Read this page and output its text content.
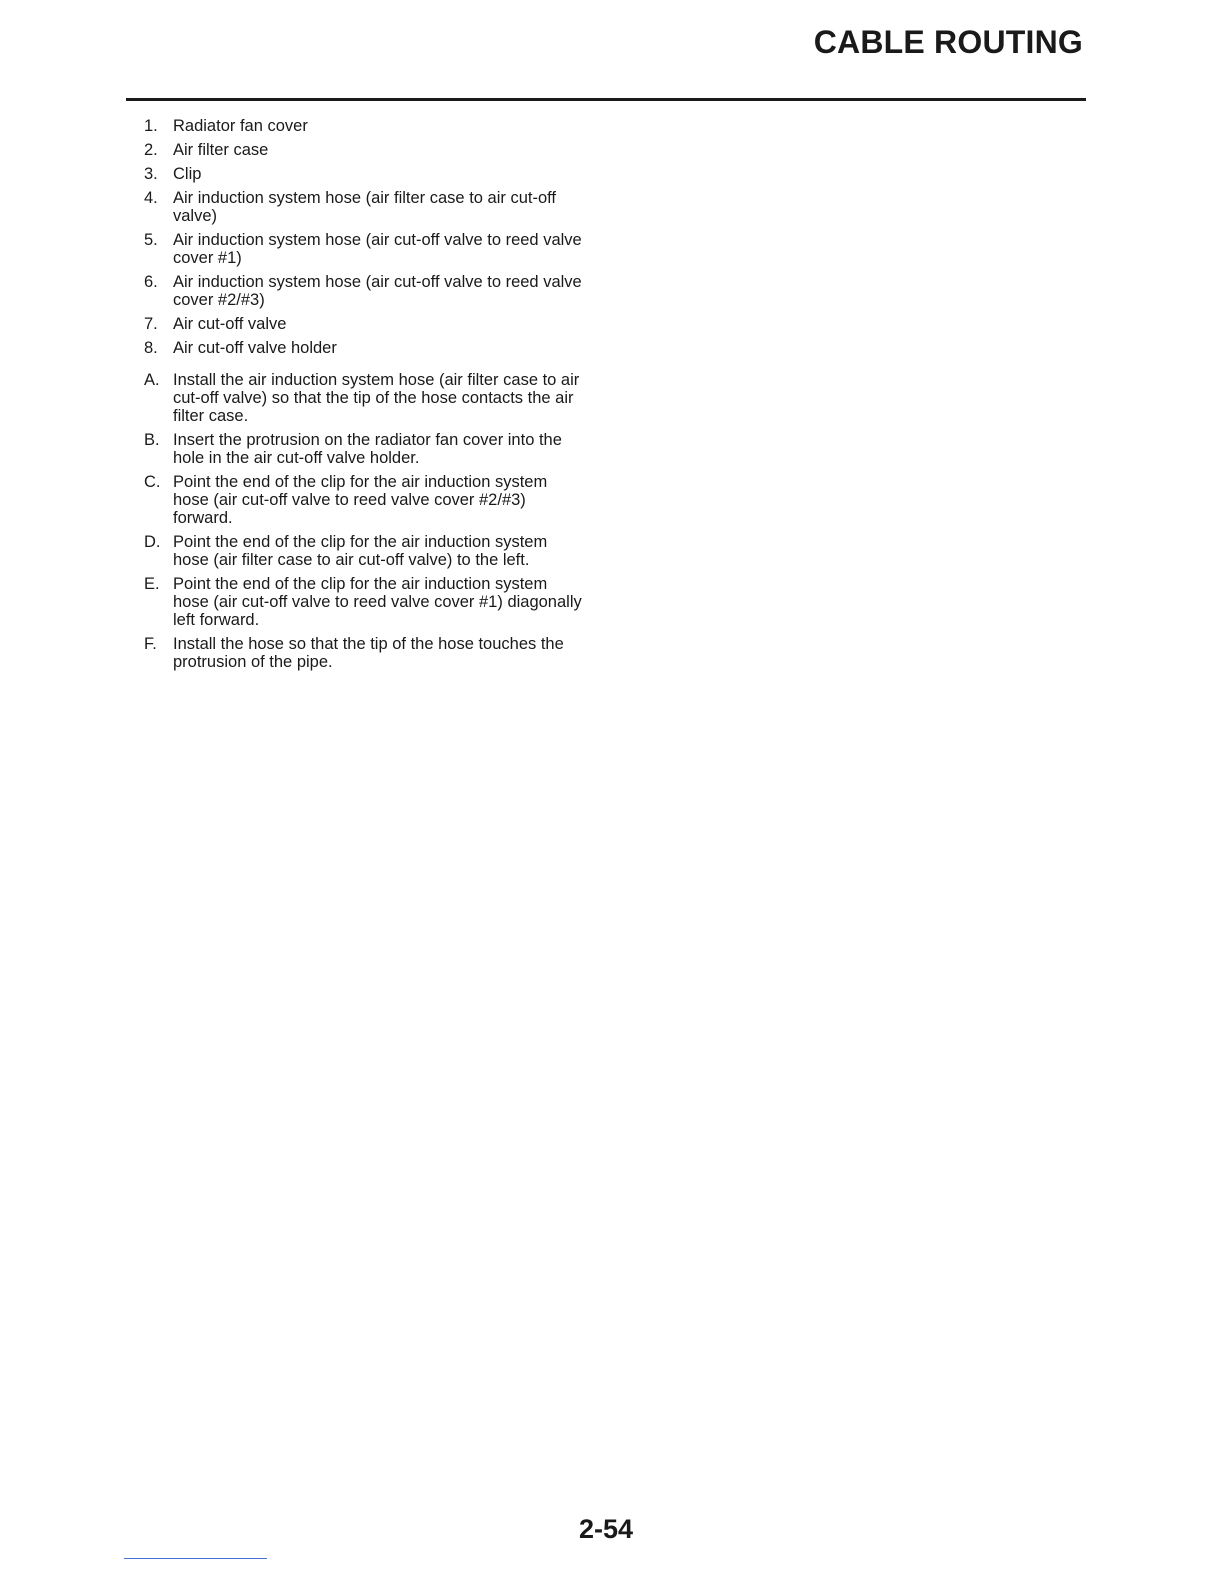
CABLE ROUTING
1. Radiator fan cover
2. Air filter case
3. Clip
4. Air induction system hose (air filter case to air cut-off valve)
5. Air induction system hose (air cut-off valve to reed valve cover #1)
6. Air induction system hose (air cut-off valve to reed valve cover #2/#3)
7. Air cut-off valve
8. Air cut-off valve holder
A. Install the air induction system hose (air filter case to air cut-off valve) so that the tip of the hose contacts the air filter case.
B. Insert the protrusion on the radiator fan cover into the hole in the air cut-off valve holder.
C. Point the end of the clip for the air induction system hose (air cut-off valve to reed valve cover #2/#3) forward.
D. Point the end of the clip for the air induction system hose (air filter case to air cut-off valve) to the left.
E. Point the end of the clip for the air induction system hose (air cut-off valve to reed valve cover #1) diagonally left forward.
F. Install the hose so that the tip of the hose touches the protrusion of the pipe.
2-54
